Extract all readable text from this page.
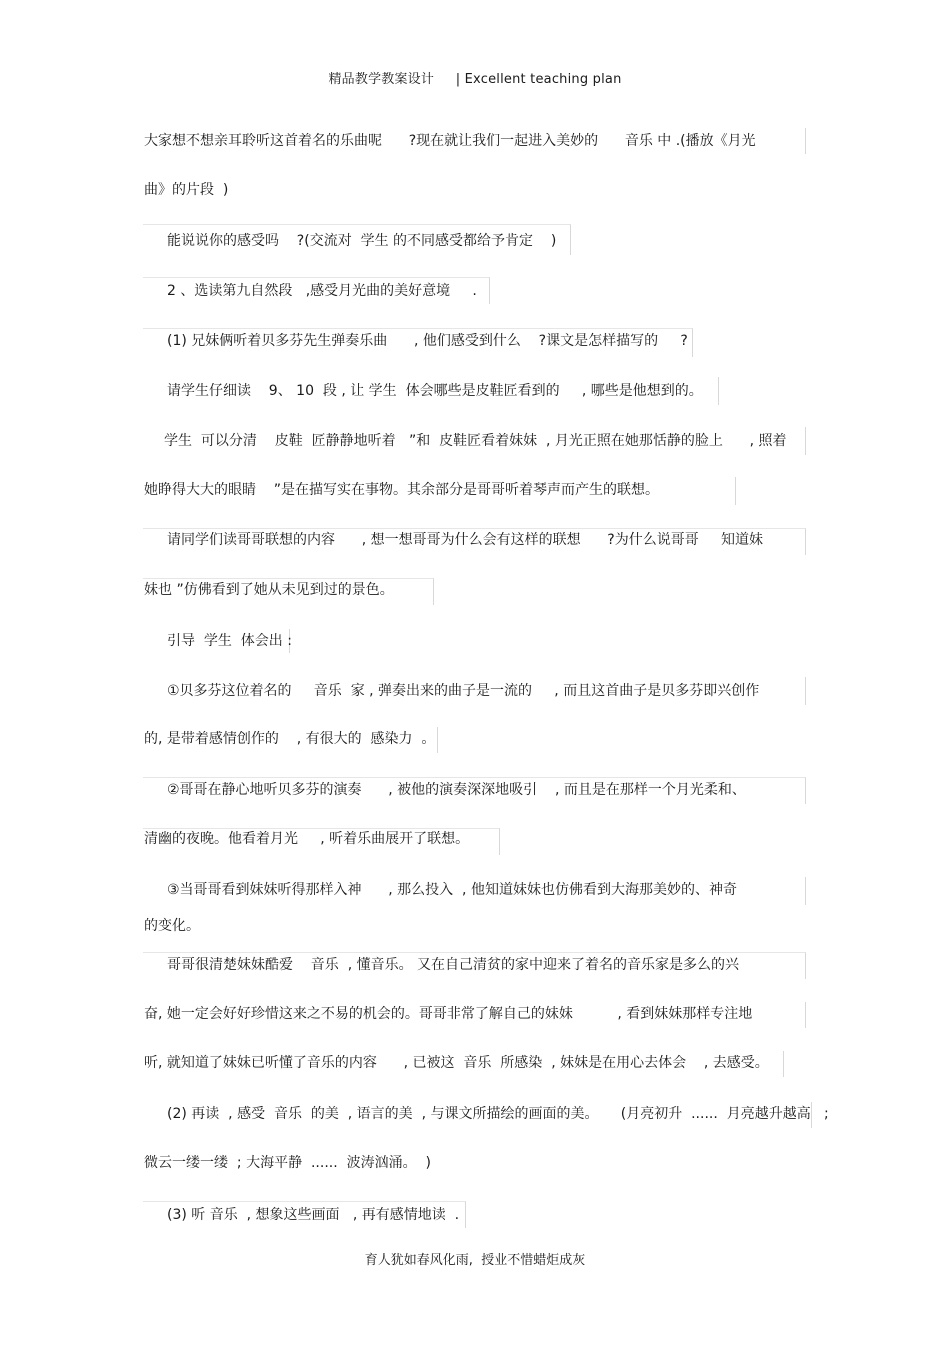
精品教学教案设计     | Excellent teaching plan
大家想不想亲耳聆听这首着名的乐曲呢      ?现在就让我们一起进入美妙的      音乐 中 .(播放《月光
曲》的片段  )
能说说你的感受吗    ?(交流对  学生 的不同感受都给予肯定    )
2 、选读第九自然段   ,感受月光曲的美好意境     .
(1) 兄妹俩听着贝多芬先生弹奏乐曲      , 他们感受到什么    ?课文是怎样描写的     ?
请学生仔细读    9、 10  段 , 让 学生  体会哪些是皮鞋匠看到的     , 哪些是他想到的。
学生  可以分清    皮鞋  匠静静地听着   ”和  皮鞋匠看着妹妹  , 月光正照在她那恬静的脸上      , 照着
她睁得大大的眼睛    ”是在描写实在事物。其余部分是哥哥听着琴声而产生的联想。
请同学们读哥哥联想的内容      , 想一想哥哥为什么会有这样的联想      ?为什么说哥哥     知道妹
妹也 ”仿佛看到了她从未见到过的景色。
引导  学生  体会出 :
①贝多芬这位着名的     音乐  家 , 弹奏出来的曲子是一流的     , 而且这首曲子是贝多芬即兴创作
的, 是带着感情创作的    , 有很大的  感染力  。
②哥哥在静心地听贝多芬的演奏      , 被他的演奏深深地吸引    , 而且是在那样一个月光柔和、
清幽的夜晚。他看着月光     , 听着乐曲展开了联想。
③当哥哥看到妹妹听得那样入神      , 那么投入  , 他知道妹妹也仿佛看到大海那美妙的、神奇
的变化。
哥哥很清楚妹妹酷爱    音乐  , 懂音乐。 又在自己清贫的家中迎来了着名的音乐家是多么的兴
奋, 她一定会好好珍惜这来之不易的机会的。哥哥非常了解自己的妹妹          , 看到妹妹那样专注地
听, 就知道了妹妹已听懂了音乐的内容      , 已被这  音乐  所感染  , 妹妹是在用心去体会    , 去感受。
(2) 再读  , 感受  音乐  的美  , 语言的美  , 与课文所描绘的画面的美。     (月亮初升  ......  月亮越升越高   ;
微云一缕一缕  ; 大海平静  ......  波涛汹涌。  )
(3) 听 音乐  , 想象这些画面   , 再有感情地读  .
育人犹如春风化雨,  授业不惜蜡炬成灰
